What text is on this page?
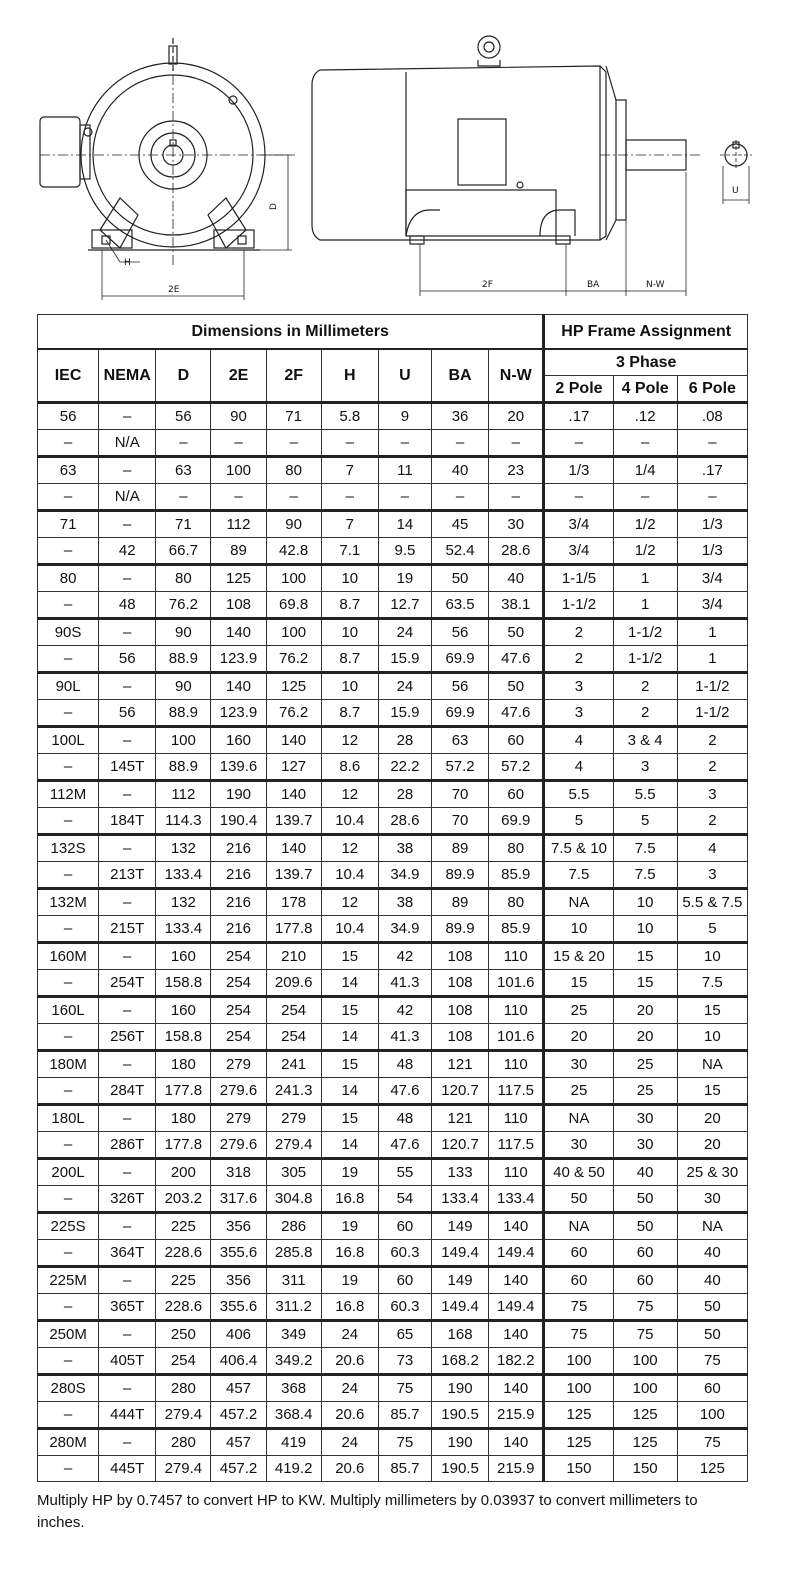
D
H
2E	2F	BA	N-W
U
Dimensions in Millimeters									HP Frame Assignment		
IEC	NEMA	D	2E	2F	H	U	BA	N-W	3 Phase		
									2 Pole	4 Pole	6 Pole
56	–	56	90	71	5.8	9	36	20	.17	.12	.08
–	N/A	–	–	–	–	–	–	–	–	–	–
63	–	63	100	80	7	11	40	23	1/3	1/4	.17
–	N/A	–	–	–	–	–	–	–	–	–	–
71	–	71	112	90	7	14	45	30	3/4	1/2	1/3
–	42	66.7	89	42.8	7.1	9.5	52.4	28.6	3/4	1/2	1/3
80	–	80	125	100	10	19	50	40	1-1/5	1	3/4
–	48	76.2	108	69.8	8.7	12.7	63.5	38.1	1-1/2	1	3/4
90S	–	90	140	100	10	24	56	50	2	1-1/2	1
–	56	88.9	123.9	76.2	8.7	15.9	69.9	47.6	2	1-1/2	1
90L	–	90	140	125	10	24	56	50	3	2	1-1/2
–	56	88.9	123.9	76.2	8.7	15.9	69.9	47.6	3	2	1-1/2
100L	–	100	160	140	12	28	63	60	4	3 & 4	2
–	145T	88.9	139.6	127	8.6	22.2	57.2	57.2	4	3	2
112M	–	112	190	140	12	28	70	60	5.5	5.5	3
–	184T	114.3	190.4	139.7	10.4	28.6	70	69.9	5	5	2
132S	–	132	216	140	12	38	89	80	7.5 & 10	7.5	4
–	213T	133.4	216	139.7	10.4	34.9	89.9	85.9	7.5	7.5	3
132M	–	132	216	178	12	38	89	80	NA	10	5.5 & 7.5
–	215T	133.4	216	177.8	10.4	34.9	89.9	85.9	10	10	5
160M	–	160	254	210	15	42	108	110	15 & 20	15	10
–	254T	158.8	254	209.6	14	41.3	108	101.6	15	15	7.5
160L	–	160	254	254	15	42	108	110	25	20	15
–	256T	158.8	254	254	14	41.3	108	101.6	20	20	10
180M	–	180	279	241	15	48	121	110	30	25	NA
–	284T	177.8	279.6	241.3	14	47.6	120.7	117.5	25	25	15
180L	–	180	279	279	15	48	121	110	NA	30	20
–	286T	177.8	279.6	279.4	14	47.6	120.7	117.5	30	30	20
200L	–	200	318	305	19	55	133	110	40 & 50	40	25 & 30
–	326T	203.2	317.6	304.8	16.8	54	133.4	133.4	50	50	30
225S	–	225	356	286	19	60	149	140	NA	50	NA
–	364T	228.6	355.6	285.8	16.8	60.3	149.4	149.4	60	60	40
225M	–	225	356	311	19	60	149	140	60	60	40
–	365T	228.6	355.6	311.2	16.8	60.3	149.4	149.4	75	75	50
250M	–	250	406	349	24	65	168	140	75	75	50
–	405T	254	406.4	349.2	20.6	73	168.2	182.2	100	100	75
280S	–	280	457	368	24	75	190	140	100	100	60
–	444T	279.4	457.2	368.4	20.6	85.7	190.5	215.9	125	125	100
280M	–	280	457	419	24	75	190	140	125	125	75
–	445T	279.4	457.2	419.2	20.6	85.7	190.5	215.9	150	150	125
Multiply HP by 0.7457 to convert HP to KW. Multiply millimeters by 0.03937 to convert millimeters to inches.
